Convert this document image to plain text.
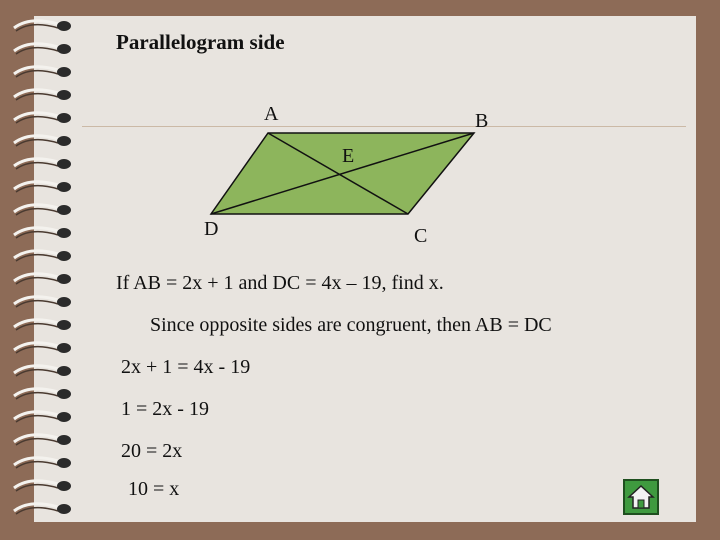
Parallelogram side
A	B
E
D	C
If AB = 2x + 1 and DC = 4x – 19, find x.
Since opposite sides are congruent, then AB = DC
2x + 1 = 4x - 19
1 = 2x - 19
20 = 2x
10 = x
